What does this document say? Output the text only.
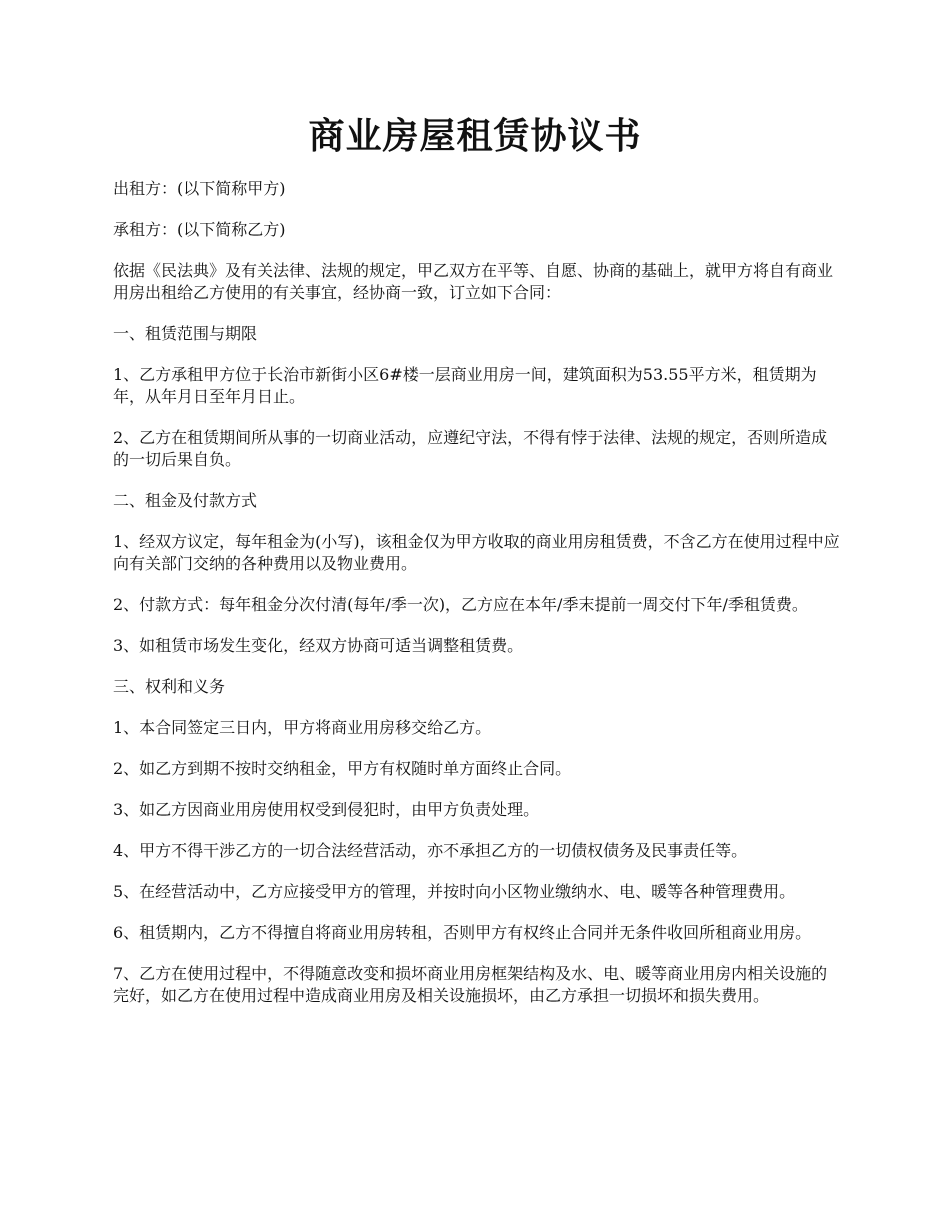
商业房屋租赁协议书

出租方：(以下简称甲方)

承租方：(以下简称乙方)

依据《民法典》及有关法律、法规的规定，甲乙双方在平等、自愿、协商的基础上，就甲方将自有商业用房出租给乙方使用的有关事宜，经协商一致，订立如下合同：

一、租赁范围与期限

1、乙方承租甲方位于长治市新街小区6#楼一层商业用房一间，建筑面积为53.55平方米，租赁期为年，从年月日至年月日止。

2、乙方在租赁期间所从事的一切商业活动，应遵纪守法，不得有悖于法律、法规的规定，否则所造成的一切后果自负。

二、租金及付款方式

1、经双方议定，每年租金为(小写)，该租金仅为甲方收取的商业用房租赁费，不含乙方在使用过程中应向有关部门交纳的各种费用以及物业费用。

2、付款方式：每年租金分次付清(每年/季一次)，乙方应在本年/季末提前一周交付下年/季租赁费。

3、如租赁市场发生变化，经双方协商可适当调整租赁费。

三、权利和义务

1、本合同签定三日内，甲方将商业用房移交给乙方。

2、如乙方到期不按时交纳租金，甲方有权随时单方面终止合同。

3、如乙方因商业用房使用权受到侵犯时，由甲方负责处理。

4、甲方不得干涉乙方的一切合法经营活动，亦不承担乙方的一切债权债务及民事责任等。

5、在经营活动中，乙方应接受甲方的管理，并按时向小区物业缴纳水、电、暖等各种管理费用。

6、租赁期内，乙方不得擅自将商业用房转租，否则甲方有权终止合同并无条件收回所租商业用房。

7、乙方在使用过程中，不得随意改变和损坏商业用房框架结构及水、电、暖等商业用房内相关设施的完好，如乙方在使用过程中造成商业用房及相关设施损坏，由乙方承担一切损坏和损失费用。
